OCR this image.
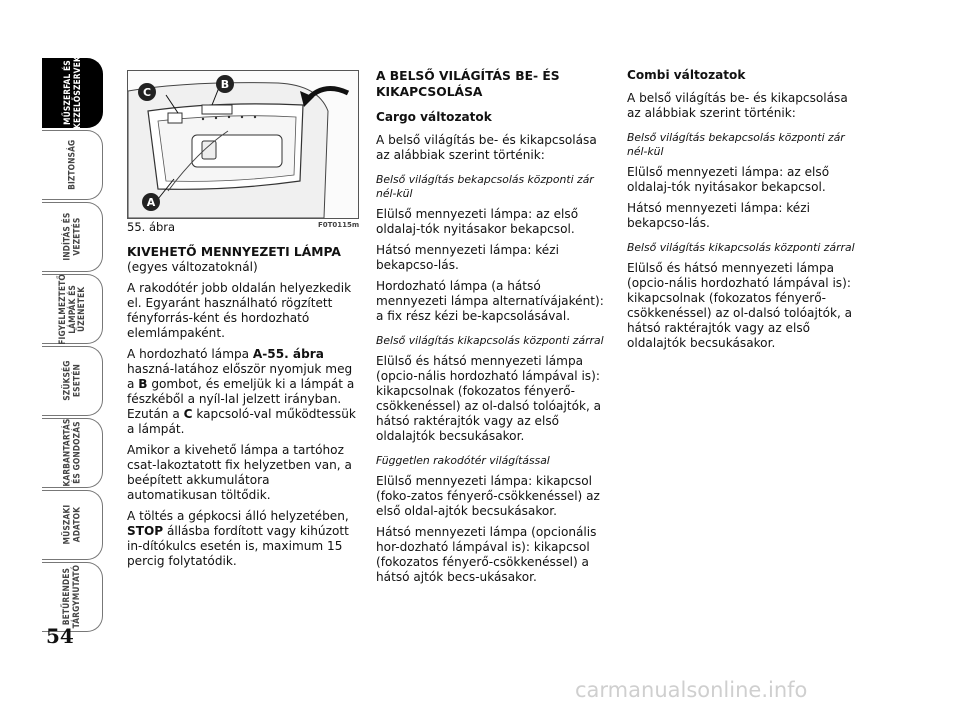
MŰSZERFAL ÉS
KEZELŐSZERVEK
BIZTONSÁG
INDÍTÁS ÉS
VEZETÉS
FIGYELMEZTETŐ
LÁMPÁK ÉS
ÜZENETEK
SZÜKSÉG
ESETÉN
KARBANTARTÁS
ÉS GONDOZÁS
MŰSZAKI
ADATOK
BETŰRENDES
TÁRGYMUTATÓ
54
C
B
A
55. ábra	F0T0115m
KIVEHETŐ MENNYEZETI LÁMPA

(egyes változatoknál)

A rakodótér jobb oldalán helyezkedik el. Egyaránt használható rögzített fényforrás-ként és hordozható elemlámpaként.

A hordozható lámpa A-55. ábra haszná-latához először nyomjuk meg a B gombot, és emeljük ki a lámpát a fészkéből a nyíl-lal jelzett irányban. Ezután a C kapcsoló-val működtessük a lámpát.

Amikor a kivehető lámpa a tartóhoz csat-lakoztatott fix helyzetben van, a beépített akkumulátora automatikusan töltődik.

A töltés a gépkocsi álló helyzetében, STOP állásba fordított vagy kihúzott in-dítókulcs esetén is, maximum 15 percig folytatódik.

A BELSŐ VILÁGÍTÁS BE- ÉS KIKAPCSOLÁSA
Cargo változatok

A belső világítás be- és kikapcsolása az alábbiak szerint történik:

Belső világítás bekapcsolás központi zár nél-kül

Elülső mennyezeti lámpa: az első oldalaj-tók nyitásakor bekapcsol.

Hátsó mennyezeti lámpa: kézi bekapcso-lás.

Hordozható lámpa (a hátsó mennyezeti lámpa alternatívájaként): a fix rész kézi be-kapcsolásával.

Belső világítás kikapcsolás központi zárral

Elülső és hátsó mennyezeti lámpa (opcio-nális hordozható lámpával is): kikapcsolnak (fokozatos fényerő-csökkenéssel) az ol-dalsó tolóajtók, a hátsó raktérajtók vagy az első oldalajtók becsukásakor.

Független rakodótér világítással

Elülső mennyezeti lámpa: kikapcsol (foko-zatos fényerő-csökkenéssel) az első oldal-ajtók becsukásakor.

Hátsó mennyezeti lámpa (opcionális hor-dozható lámpával is): kikapcsol (fokozatos fényerő-csökkenéssel) a hátsó ajtók becs-ukásakor.

Combi változatok

A belső világítás be- és kikapcsolása az alábbiak szerint történik:

Belső világítás bekapcsolás központi zár nél-kül

Elülső mennyezeti lámpa: az első oldalaj-tók nyitásakor bekapcsol.

Hátsó mennyezeti lámpa: kézi bekapcso-lás.

Belső világítás kikapcsolás központi zárral

Elülső és hátsó mennyezeti lámpa (opcio-nális hordozható lámpával is): kikapcsolnak (fokozatos fényerő-csökkenéssel) az ol-dalsó tolóajtók, a hátsó raktérajtók vagy az első oldalajtók becsukásakor.

carmanualsonline.info
